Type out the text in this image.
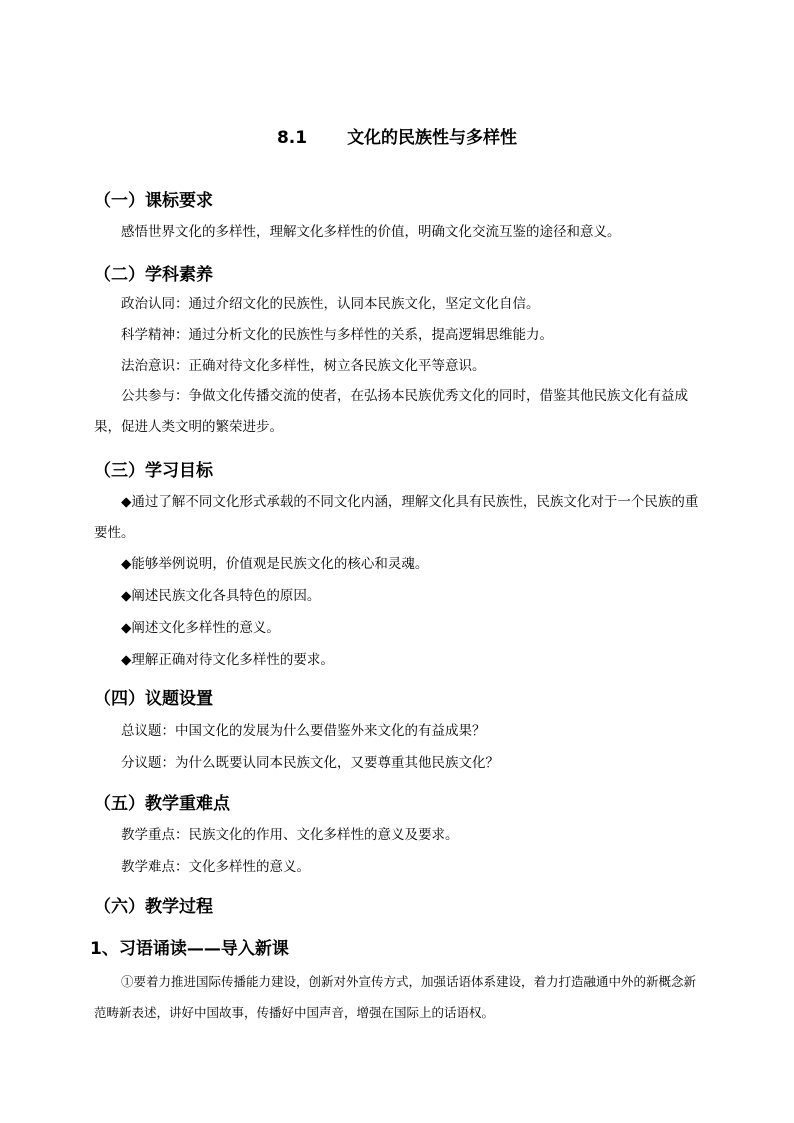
8.1 文化的民族性与多样性
（一）课标要求
感悟世界文化的多样性，理解文化多样性的价值，明确文化交流互鉴的途径和意义。
（二）学科素养
政治认同：通过介绍文化的民族性，认同本民族文化，坚定文化自信。
科学精神：通过分析文化的民族性与多样性的关系，提高逻辑思维能力。
法治意识：正确对待文化多样性，树立各民族文化平等意识。
公共参与：争做文化传播交流的使者，在弘扬本民族优秀文化的同时，借鉴其他民族文化有益成果，促进人类文明的繁荣进步。
（三）学习目标
◆通过了解不同文化形式承载的不同文化内涵，理解文化具有民族性，民族文化对于一个民族的重要性。
◆能够举例说明，价值观是民族文化的核心和灵魂。
◆阐述民族文化各具特色的原因。
◆阐述文化多样性的意义。
◆理解正确对待文化多样性的要求。
（四）议题设置
总议题：中国文化的发展为什么要借鉴外来文化的有益成果？
分议题：为什么既要认同本民族文化，又要尊重其他民族文化？
（五）教学重难点
教学重点：民族文化的作用、文化多样性的意义及要求。
教学难点：文化多样性的意义。
（六）教学过程
1、习语诵读——导入新课
①要着力推进国际传播能力建设，创新对外宣传方式，加强话语体系建设，着力打造融通中外的新概念新范畴新表述，讲好中国故事，传播好中国声音，增强在国际上的话语权。
